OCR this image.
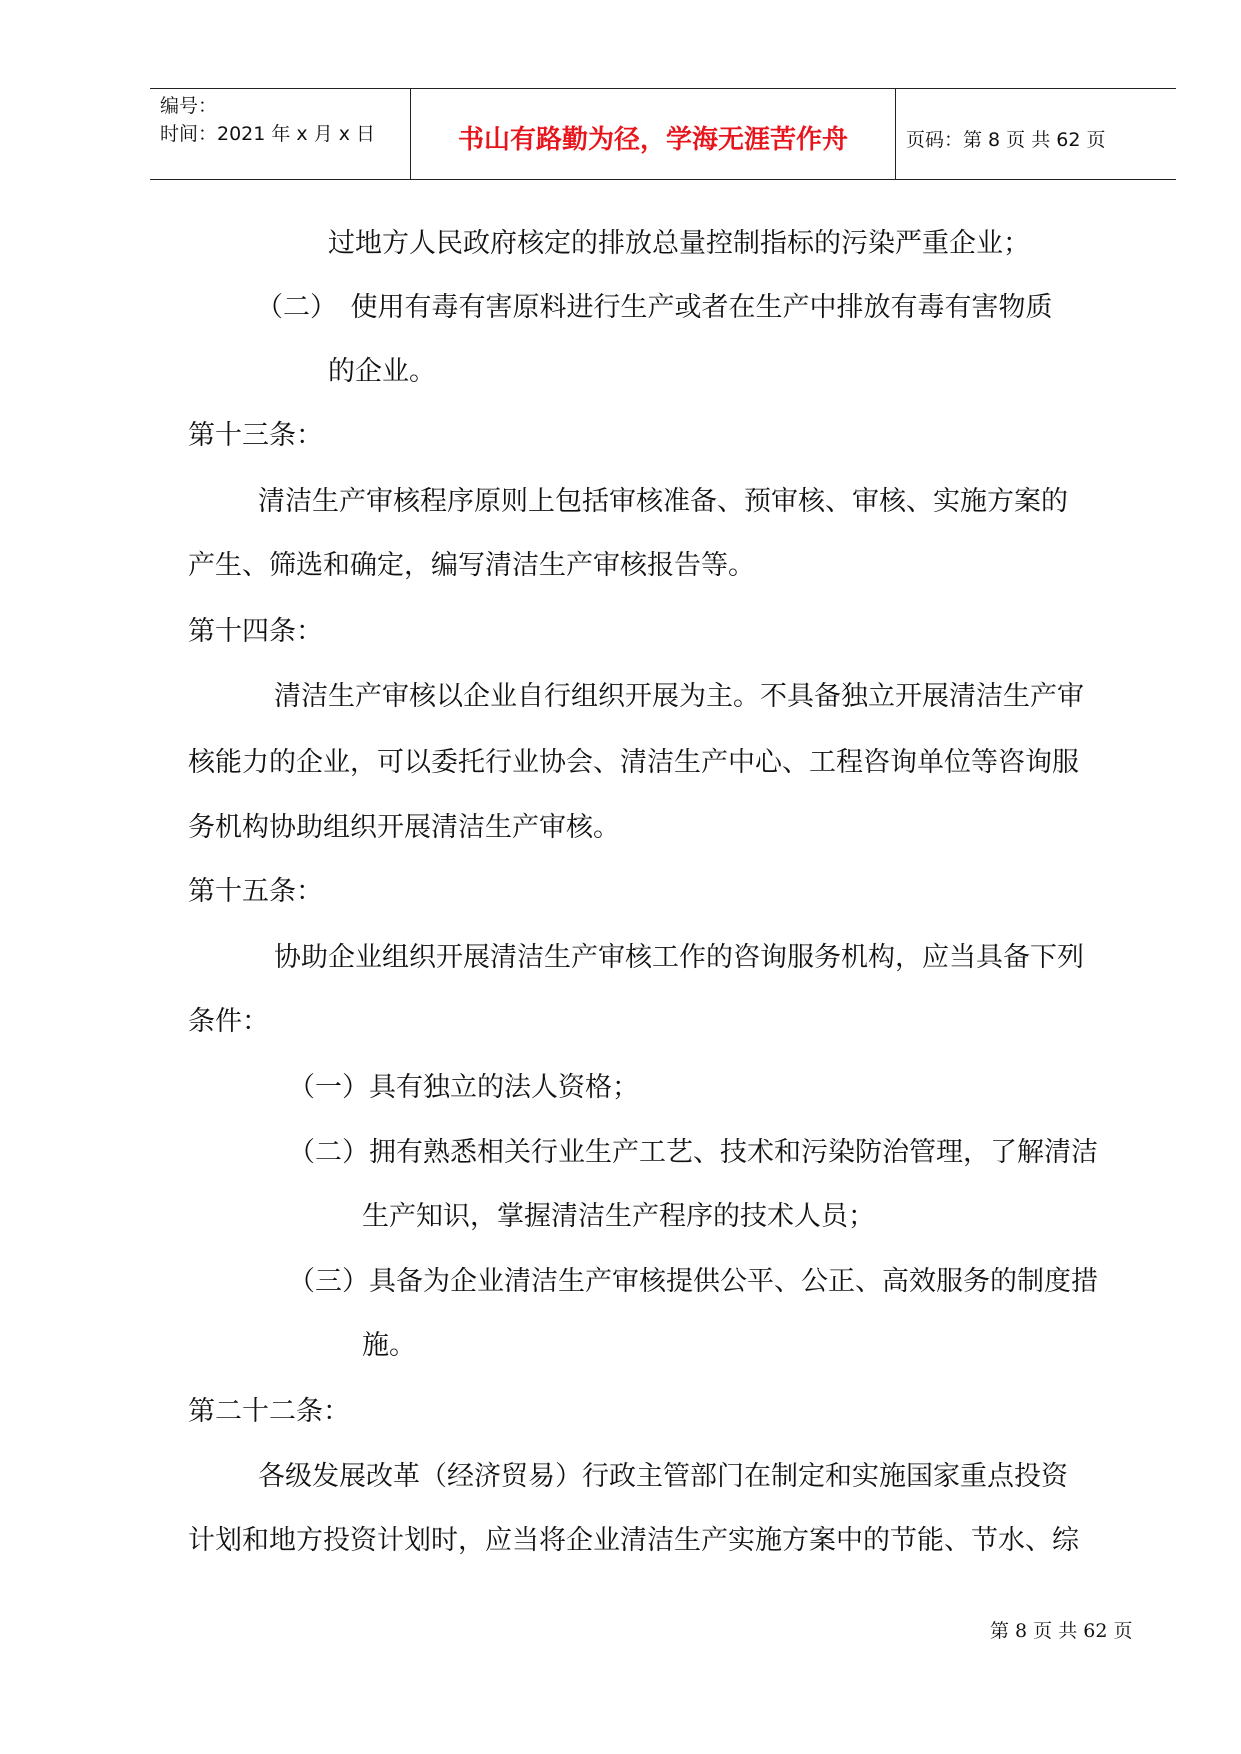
编号：
时间：2021 年 x 月 x 日	书山有路勤为径，学海无涯苦作舟	页码：第 8 页 共 62 页
过地方人民政府核定的排放总量控制指标的污染严重企业；
（二）　使用有毒有害原料进行生产或者在生产中排放有毒有害物质
的企业。
第十三条：
清洁生产审核程序原则上包括审核准备、预审核、审核、实施方案的
产生、筛选和确定，编写清洁生产审核报告等。
第十四条：
清洁生产审核以企业自行组织开展为主。不具备独立开展清洁生产审
核能力的企业，可以委托行业协会、清洁生产中心、工程咨询单位等咨询服
务机构协助组织开展清洁生产审核。
第十五条：
协助企业组织开展清洁生产审核工作的咨询服务机构，应当具备下列
条件：
（一）具有独立的法人资格；
（二）拥有熟悉相关行业生产工艺、技术和污染防治管理，了解清洁
生产知识，掌握清洁生产程序的技术人员；
（三）具备为企业清洁生产审核提供公平、公正、高效服务的制度措
施。
第二十二条：
各级发展改革（经济贸易）行政主管部门在制定和实施国家重点投资
计划和地方投资计划时，应当将企业清洁生产实施方案中的节能、节水、综
第 8 页 共 62 页
